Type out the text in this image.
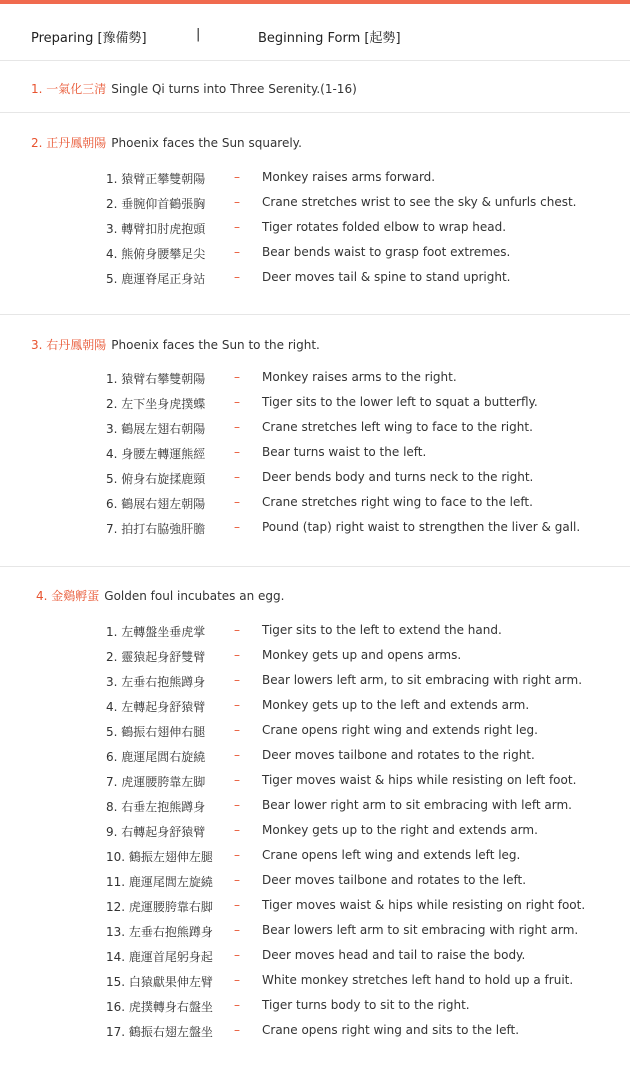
Preparing [豫備勢]	|	Beginning Form [起勢]
1. 一氣化三清 Single Qi turns into Three Serenity.(1-16)
2. 正丹鳳朝陽 Phoenix faces the Sun squarely.
1. 猿臂正攀雙朝陽 – Monkey raises arms forward.
2. 垂腕仰首鶴張胸 – Crane stretches wrist to see the sky & unfurls chest.
3. 轉臂扣肘虎抱頭 – Tiger rotates folded elbow to wrap head.
4. 熊俯身腰攀足尖 – Bear bends waist to grasp foot extremes.
5. 鹿運脊尾正身站 – Deer moves tail & spine to stand upright.
3. 右丹鳳朝陽 Phoenix faces the Sun to the right.
1. 猿臂右攀雙朝陽 – Monkey raises arms to the right.
2. 左下坐身虎撲蝶 – Tiger sits to the lower left to squat a butterfly.
3. 鶴展左翅右朝陽 – Crane stretches left wing to face to the right.
4. 身腰左轉運熊經 – Bear turns waist to the left.
5. 俯身右旋揉鹿頸 – Deer bends body and turns neck to the right.
6. 鶴展右翅左朝陽 – Crane stretches right wing to face to the left.
7. 拍打右脇強肝膽 – Pound (tap) right waist to strengthen the liver & gall.
4. 金鷄孵蛋 Golden foul incubates an egg.
1. 左轉盤坐垂虎掌 – Tiger sits to the left to extend the hand.
2. 靈猿起身舒雙臂 – Monkey gets up and opens arms.
3. 左垂右抱熊蹲身 – Bear lowers left arm, to sit embracing with right arm.
4. 左轉起身舒猿臂 – Monkey gets up to the left and extends arm.
5. 鶴振右翅伸右腿 – Crane opens right wing and extends right leg.
6. 鹿運尾閭右旋繞 – Deer moves tailbone and rotates to the right.
7. 虎運腰胯靠左脚 – Tiger moves waist & hips while resisting on left foot.
8. 右垂左抱熊蹲身 – Bear lower right arm to sit embracing with left arm.
9. 右轉起身舒猿臂 – Monkey gets up to the right and extends arm.
10. 鶴振左翅伸左腿 – Crane opens left wing and extends left leg.
11. 鹿運尾閭左旋繞 – Deer moves tailbone and rotates to the left.
12. 虎運腰胯靠右脚 – Tiger moves waist & hips while resisting on right foot.
13. 左垂右抱熊蹲身 – Bear lowers left arm to sit embracing with right arm.
14. 鹿運首尾躬身起 – Deer moves head and tail to raise the body.
15. 白猿獻果伸左臂 – White monkey stretches left hand to hold up a fruit.
16. 虎撲轉身右盤坐 – Tiger turns body to sit to the right.
17. 鶴振右翅左盤坐 – Crane opens right wing and sits to the left.
